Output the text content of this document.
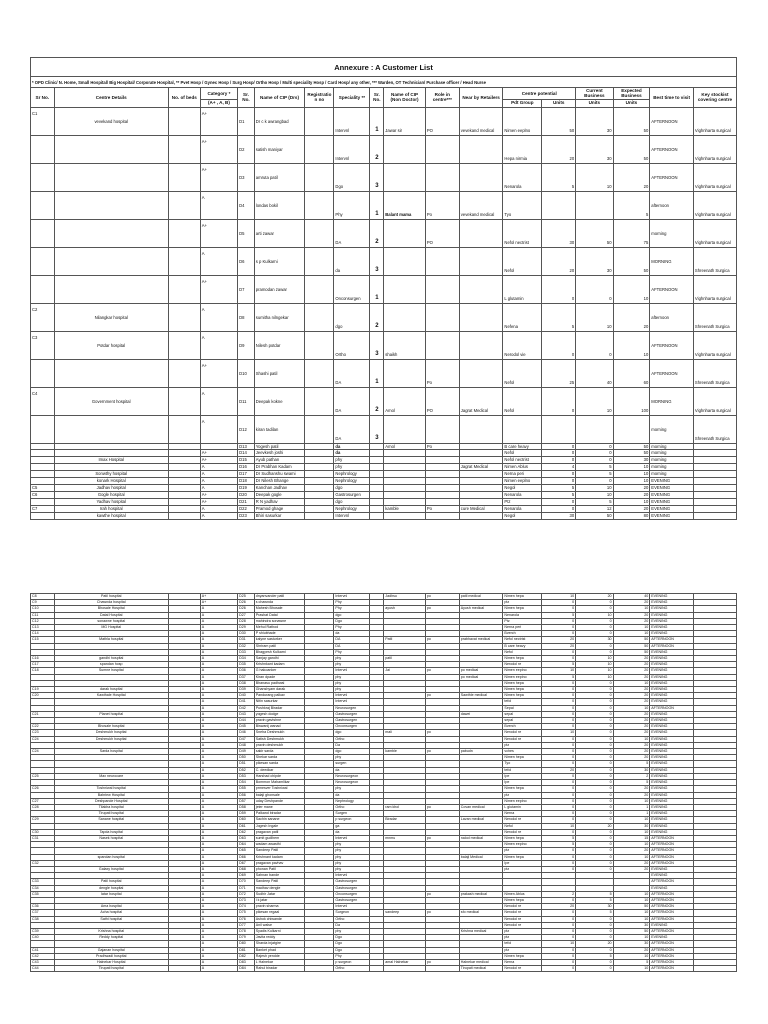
Annexure : A Customer List																	
* OPD Clinic/ N. Home, Small Hospital/ Big Hospital/ Corporate Hospital, ** Pvet Hosp / Gynec Hosp / Surg Hosp/ Ortho Hosp / Multi speciality Hosp / Card Hosp/ any other, *** Warden, OT Technician/ Purchase officer / Head Nurse																	
Sr No.	Centre Details	No. of beds	Category *	Sr. No.	Name of CIP (Drs)	Registratio n no	Speciality **	Sr. No.	Name of CIP (Non Doctor)	Role in centre***	Near by Retailers	Centre potential		Current Business	Expected Business	Best time to visit	Key stockist covering centre
			(A+ , A, B)									Pdt Group	Units	Units	Units		
C1	vevekand hospital		A+	D1	Dr c k awrangbad		Intervnl	1	Jawar sir	PO	vevekand medical	Nimen eeplno	50	30	50	AFTERNOON	Vighnharta surgical
			A+	D2	satish maniyar		Intervnl	2				Hepa nirmia	20	30	50	AFTERNOON	Vighnharta surgical
			A+	D3	amruta patil		Dgo	3				Nenarola	5	10	20	AFTERNOON	Vighnharta surgical
			A	D4	londas bokil		Phy	1	Balant mama	Po	vevekand medical	Tyo			5	afternoon	Vighnharta surgical
			A+	D5	arti zawar		DA	2		PO		Nefol nectrist	30	50	75	morning	Vighnharta surgical
			A	D6	s p Kulkarni		da	3				Nefol	20	30	50	MORNING	Shreenath Surgica
			A+	D7	pramodan zawar		Onconsurgen	1				L glutamin	0	0	10	AFTERNOON	Vighnharta surgical
C2	Nilangkar hospital		A	D8	sumitha nilngekar		dgo	2				Nefena	5	10	20	afternoon	Shreenath Surgica
C3	Potdar hospital		A	D9	Nilesh potdar		Ortho	3	shaikh			Nerodol vie	0	0	10	AFTERNOON	Vighnharta surgical
			A+	D10	Shashi patil		DA	1		Po		Nefol	25	40	60	AFTERNOON	Shreenath Surgica
C4	Government hospital		A	D11	Deepak kokne		DA	2	Amol	PO	Jagrat Medical	Nefol	0	10	100	MORNING	Vighnharta surgical
			A	D12	kiran tadilan		DA	3								morning	Shreenath Surgica
				D13	Yogesh patil		da		Amol	Po		B care heavy	0	0	50	morning	
			A+	D14	Jeevkesh joshi		da					Nefol	0	0	50	morning	
	Imax Hospital		A+	D15	Ayub pathan		phy					Nefol nectrist	0	0	30	morning	
			A	D16	Dr Prabhan Kadam		phy				Jagrat Medical	Nimen Ablus	4	5	10	morning	
	Sonwthy hospital		A	D17	Dr Sudhanshu swami		Nephrology					Nerna peri	0	5	10	morning	
	konark Hospital		A	D18	Dr Nilesh Bhange		Nephrology					Nimen eeplno	0	0	10	EVENING	
C5	Jadhav hospital		A	D19	Kanchan Jadhav		dgo					Negol	5	10	20	EVENING	
C6	Gogle hospital		A+	D20	Deepak gogle		Gastrosurgen					Nenarola	5	10	20	EVENING	
	Yadhav hospital		A+	D21	R N yadhav		dgo					Ptz	0	5	10	EVENING	
C7	Irah hospital		A	D22	Pramod ghage		Nephrology		kamble	Po	cure Medical	Nenarola	0	12	20	EVENING	
	kawthe hospital		A	D23	Bhiri sasurkar		Intervnl					Negol	30	50	80	EVENING	
C8	Patil hospital		A+	D25	dnyanvander patil		Intervnl		Jadhsu	po	patil medical	Nimen hepa	10	20	40	EVENING	
C9	Chawnda hospital		A+	D26	s chawnda		Phy					ptz	0	0	20	EVENING	
C10	Bhosale Hospital		A	D26	Mahesh Bhosale		Phy		ayush	po	Ayush medical	Nimen hepa	0	0	10	EVENING	
C11	Datal Hospital		A	D27	Prashat Datal		dgo					Nenarola	5	10	20	EVENING	
C12	sonawne hospital		A	D28	mahindra sonawne		Dgo					Ptz	0	0	20	EVENING	
C13	MG Hospital		A	D29	Mehul Rathod		Phy					Nerna peri	0	0	10	EVENING	
C14			A	D30	P shiubhade		da					Bverch	0	0	10	EVENING	
C15	Mathla hospital		A	D31	kalyne sasturker		DA		Patil	po	prabhavat medical	Nefol nectrist	20	30	50	AFTERNOON	
			A	D32	Shriram patil		DA					B care heavy	20	0	50	AFTERNOON	
			A	D33	Bhagyesh Kulkarni		Phy					Nefol	0	0	50	EVENING	
C16	gandhi hospital		A	D34	Sanjay gandhi		phy		patil			Nimen hepa	0	10	20	EVENING	
C17	spandan hosp		A	D35	Krishnkant kadam		phy					Nerodol re	5	10	20	EVENING	
C18	Sumne hospital		A	D36	G hakoanker		Intervnl		Jai	po	po medical	Nimen eeplno	10	10	20	EVENING	
			A	D37	Kiran dpade		phy				po medical	Nimen eeplno	5	10	20	EVENING	
			A	D38	Bhanasu padhwal		phy					Nimen hepa	0	0	10	EVENING	
C19	darak hospital		A	D39	Ghanshyam darak		phy					Nimen hepa	0	0	20	EVENING	
C20	Kawthale Hospital		A	D40	Pandurang palkav		Intervnl			po	Sawthle medical	Nimen hepa	0	0	20	EVENING	
			A	D41	Nitin sasurkar		Intervnl					tefol	0	0	20	EVENING	
			A	D42	Pushkraj Biradar		Neurosurgen					Sepal	0	0	10	AFTERNOON	
C21	Planet hospital		A	D43	yogesh dodge		Gastrosurgen				dawei	sepal	0	0	20	EVENING	
			A	D44	pravin gavtshne		Gastrosurgen					sepal	0	0	20	EVENING	
C22	Bhosale hospital		A	D45	Biswanij wanad		Onconsurgen					Bverch	0	0	20	EVENING	
C23	Deshmukh hospital		A	D46	Sneha Deshmukh		dgo		mali	po		Nerodol re	10	0	20	EVENING	
C24	Deshmukh hospital		A	D47	Satish Deshmukh		Ortho					Nerodol re	0	0	10	EVENING	
			A	D48	pravin deshmukh		Da					ptz	0	0	20	EVENING	
C24	Sarda hospital		A	D49	sakir sarda		dgo		kamble	po	pabudn	vches	0	0	20	EVENING	
			A	D50	Shekar sarda		phy					Nimen hepa	0	0	20	EVENING	
			A	D51	pikesan sarda		surgen					Tyo	0	0	5	EVENING	
			A	D52	C. deedkar		da					tefol	20	0	30	EVENING	
C25	Max neurocare		A	D53	Harshad chipde		Neurosurgeon					Ipe	0	0	2	EVENING	
			A	D54	Bommon Mahamlikar		Neurosurgeon					Ipe	0	0	5	EVENING	
C26	Toshniwal hospital		A	D55	prmesver Toshniwal		phy					Nimen hepa	0	0	20	EVENING	
	Bahriew Hospital		A	D56	balaji ghonsale		da					ptz	0	0	20	EVENING	
C27	Deshpande Hospital		A	D57	uday Deshpande		Nephrology					Nimen eeplno	0	0	10	EVENING	
C28	Tilakha hospital		A	D58	jeter mane		Ortho		ram khol	po	Covan medical	L glutamin	0	0	1	EVENING	
	Tirupati hospital		A	D59	Palkand biradar		Surgen					Nerna	0	0	1	EVENING	
C29	Sanane hospital		A	D60	Sachin sanane		p surgeon		Biradar		Lavan medical	Nerodol re	0	0	10	EVENING	
			A	D61	Jogesh Ingale		ga					Nefol	10	20	30	EVENING	
C30	Tapda hospital		A	D62	pragavan patil		da					Nerodol re	0	0	10	EVENING	
C31	Nasek hospital		A	D63	sumit gudlhem		Intervnl		mnmu	po	nalod medical	Nimen hepa	5	0	15	AFTERNOON	
			A	D64	wadam awasthi		phy					Nimen eeplno	5	0	10	AFTERNOON	
			A	D65	Sandeep Patil		phy					ptz	0	0	20	AFTERNOON	
	spandan hospital		A	D66	Krishnant kadam		phy				balaji Medical	Nimen hepa	0	0	10	AFTERNOON	
C32			A	D67	pragavan pavhav		phy					Ipe	0	0	20	AFTERNOON	
	Galaxy hospital		A	D68	phonan Patil		phy					ptz	0	0	20	EVENING	
			A	D69	Sahnan bande		Intervnl									EVENING	
C33	Patil hospital		A	D70	Sandeep Patil		Gastrosurgen									AFTERNOON	
C34	dengle hospital		A	D71	madhav dengle		Gastrosurgen									EVENING	
C35	Iatar hospital		A	D72	Sudhir Jatar		Onconsurgen			po	prakash medical	Nimen Ablus	2	5	10	AFTERNOON	
			A	D73	l k jatar		Gastrosurgen					Nimen hepa	0	5	10	AFTERNOON	
C36	Ama hospital		A	D74	pravin sharma		Intervnl					Nerodol re	20	30	50	AFTERNOON	
C37	Acha hospital		A	D75	pikesan regaal		Surgeon		sandeep	po	sfo medical	Nerodol re	0	5	10	AFTERNOON	
C38	Sathi hospital		A	D76	Ashok chiwande		Ortho					Nerodol re	0	0	10	AFTERNOON	
			A	D77	Anil walse		Da					Nerodol re	0	0	30	EVENING	
C39	Krishna hospital		A	D78	Syadis Kulkarni		phy				Krishna medical	ptz	0	0	50	AFTERNOON	
C40	Reddy hospital		A	D79	Javita reddy		Dgo					ptz	0	0	10	EVENING	
			A	D80	Sharda injatgire		Dgo					tefol	10	20	30	AFTERNOON	
C41	Gajanan hospital		A	D81	Banket phad		Dgo					ptz	0	0	20	AFTERNOON	
C42	Pradhwadi hospital		A	D82	Rajesh yendde		Phy					Nimen hepa	0	5	10	AFTERNOON	
C43	Halnekar Hospital		A	D83	L Halnekar		p surgeon		amal Halnekar	po	Halnekar medical	Nerna	0	0	5	AFTERNOON	
C44	Tirupati hospital		A	D84	Rahul biradar		Ortho				Tirupati medical	Nerodol re	0	0	10	AFTERNOON	
